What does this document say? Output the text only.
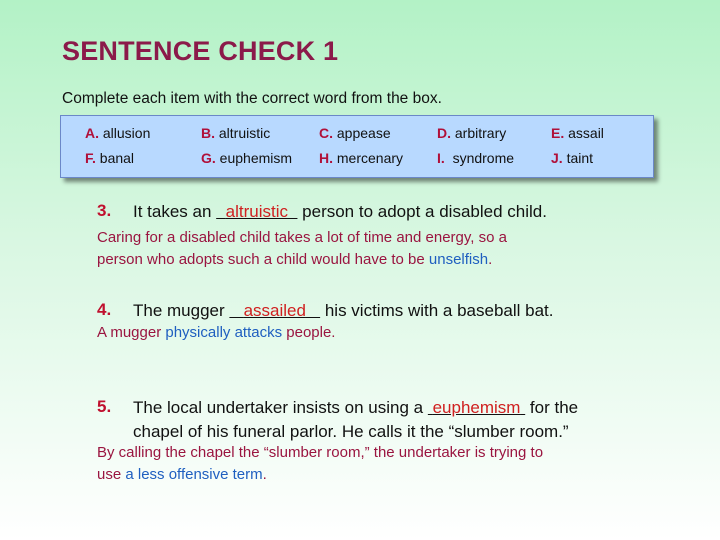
SENTENCE CHECK 1
Complete each item with the correct word from the box.
A. allusion	B. altruistic	C. appease	D. arbitrary	E. assail
F. banal	G. euphemism H. mercenary I. syndrome	J. taint
3. It takes an altruistic   person to adopt a disabled child.
Caring for a disabled child takes a lot of time and energy, so a
person who adopts such a child would have to be unselfish.
4. The mugger assailed    his victims with a baseball bat.
A mugger physically attacks people.
5. The local undertaker insists on using a euphemism  for the
chapel of his funeral parlor. He calls it the “slumber room.”
By calling the chapel the “slumber room,” the undertaker is trying to
use a less offensive term.
